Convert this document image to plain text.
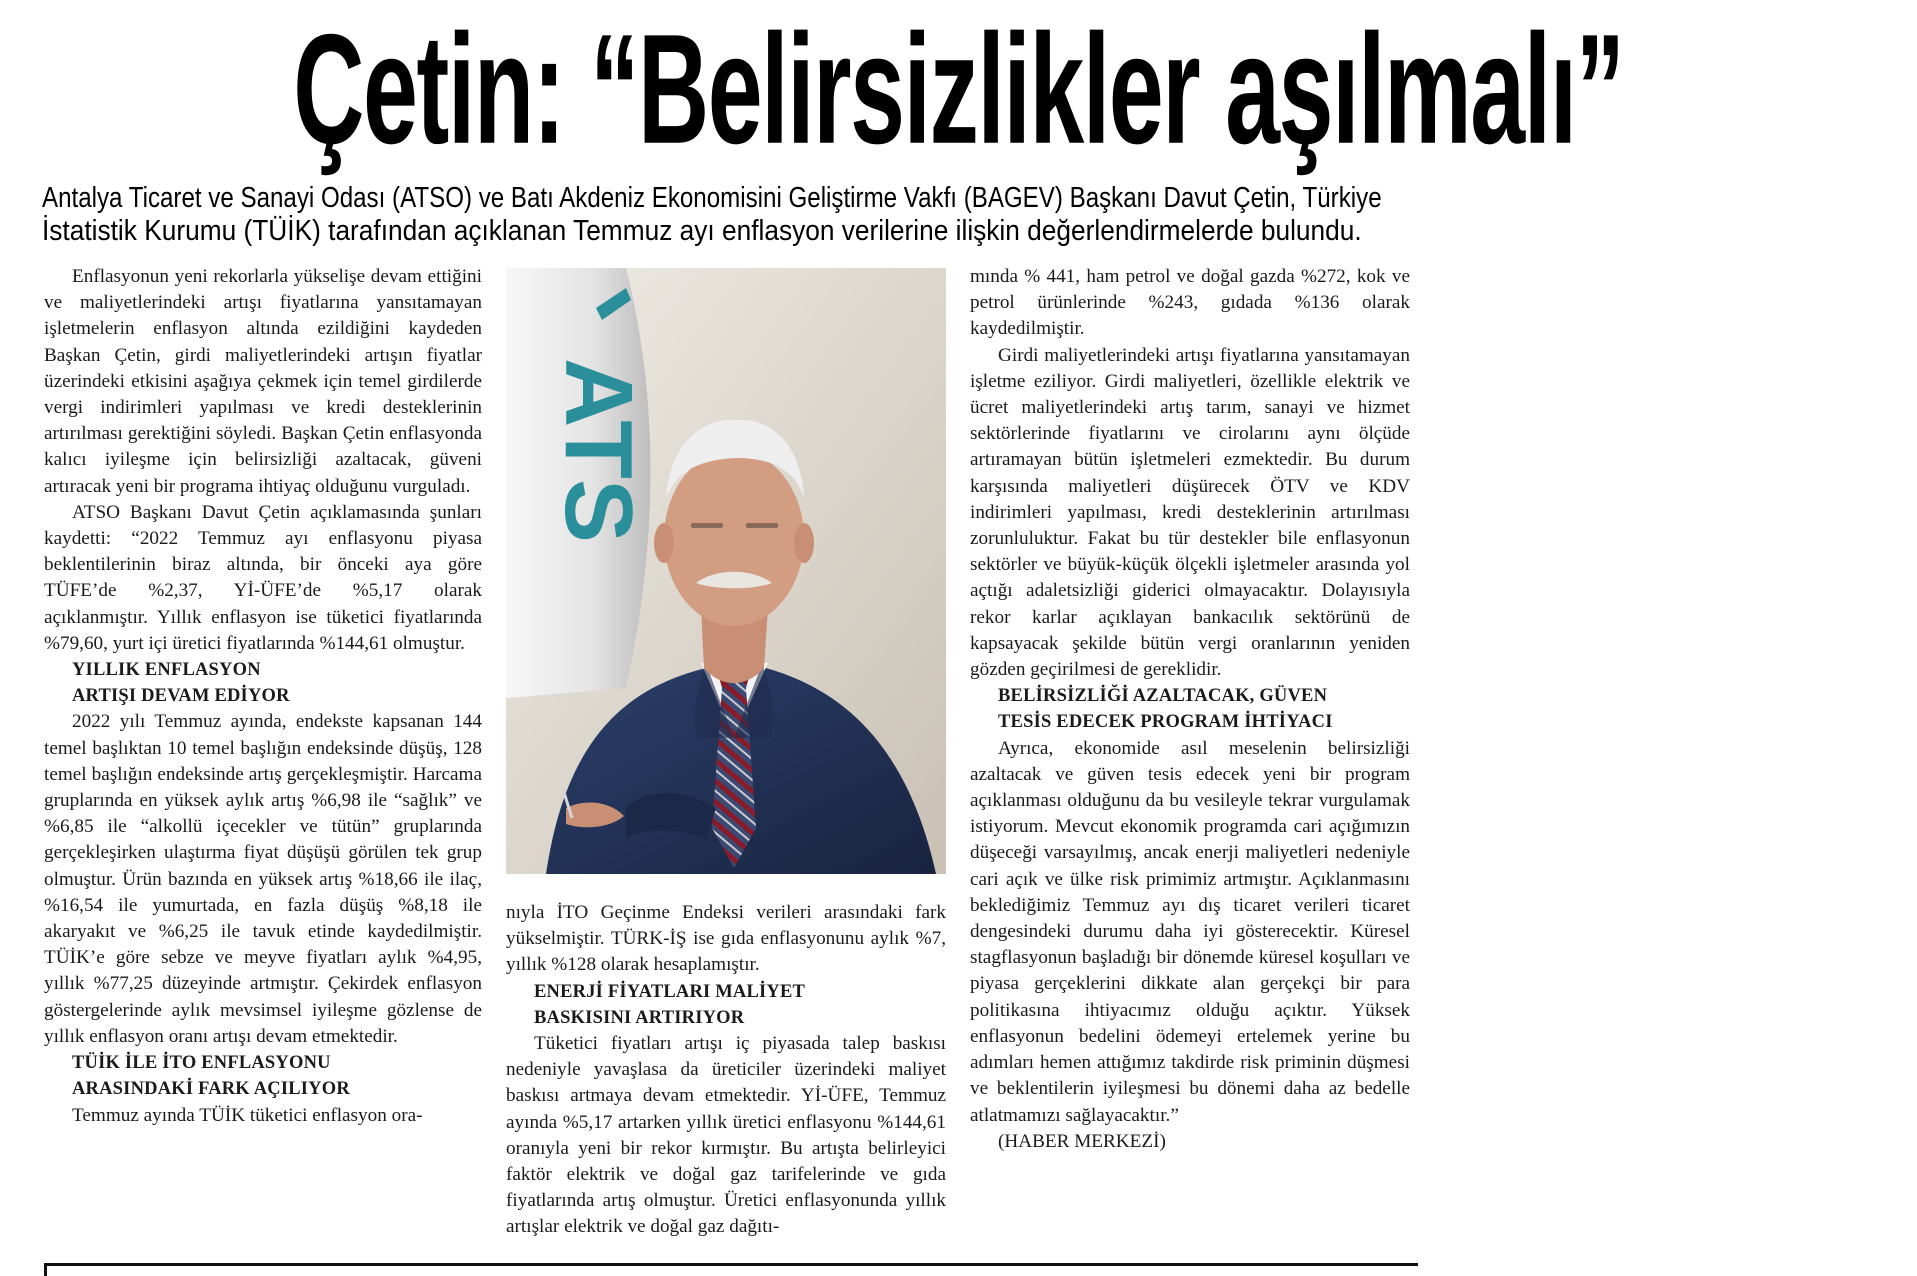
Çetin: “Belirsizlikler aşılmalı”
Antalya Ticaret ve Sanayi Odası (ATSO) ve Batı Akdeniz Ekonomisini Geliştirme Vakfı (BAGEV) Başkanı Davut Çetin, Türkiye
İstatistik Kurumu (TÜİK) tarafından açıklanan Temmuz ayı enflasyon verilerine ilişkin değerlendirmelerde bulundu.

Enflasyonun yeni rekorlarla yükselişe devam ettiğini ve maliyetlerindeki artışı fiyatlarına yansıtamayan işletmelerin enflasyon altında ezildiğini kaydeden Başkan Çetin, girdi maliyetlerindeki artışın fiyatlar üzerindeki etkisini aşağıya çekmek için temel girdilerde vergi indirimleri yapılması ve kredi desteklerinin artırılması gerektiğini söyledi. Başkan Çetin enflasyonda kalıcı iyileşme için belirsizliği azaltacak, güveni artıracak yeni bir programa ihtiyaç olduğunu vurguladı.

ATSO Başkanı Davut Çetin açıklamasında şunları kaydetti: “2022 Temmuz ayı enflasyonu piyasa beklentilerinin biraz altında, bir önceki aya göre TÜFE’de %2,37, Yİ-ÜFE’de %5,17 olarak açıklanmıştır. Yıllık enflasyon ise tüketici fiyatlarında %79,60, yurt içi üretici fiyatlarında %144,61 olmuştur.

YILLIK ENFLASYON
ARTIŞI DEVAM EDİYOR

2022 yılı Temmuz ayında, endekste kapsanan 144 temel başlıktan 10 temel başlığın endeksinde düşüş, 128 temel başlığın endeksinde artış gerçekleşmiştir. Harcama gruplarında en yüksek aylık artış %6,98 ile “sağlık” ve %6,85 ile “alkollü içecekler ve tütün” gruplarında gerçekleşirken ulaştırma fiyat düşüşü görülen tek grup olmuştur. Ürün bazında en yüksek artış %18,66 ile ilaç, %16,54 ile yumurtada, en fazla düşüş %8,18 ile akaryakıt ve %6,25 ile tavuk etinde kaydedilmiştir. TÜİK’e göre sebze ve meyve fiyatları aylık %4,95, yıllık %77,25 düzeyinde artmıştır. Çekirdek enflasyon göstergelerinde aylık mevsimsel iyileşme gözlense de yıllık enflasyon oranı artışı devam etmektedir.

TÜİK İLE İTO ENFLASYONU
ARASINDAKİ FARK AÇILIYOR

Temmuz ayında TÜİK tüketici enflasyon ora-

ATS

nıyla İTO Geçinme Endeksi verileri arasındaki fark yükselmiştir. TÜRK-İŞ ise gıda enflasyonunu aylık %7, yıllık %128 olarak hesaplamıştır.

ENERJİ FİYATLARI MALİYET
BASKISINI ARTIRIYOR

Tüketici fiyatları artışı iç piyasada talep baskısı nedeniyle yavaşlasa da üreticiler üzerindeki maliyet baskısı artmaya devam etmektedir. Yİ-ÜFE, Temmuz ayında %5,17 artarken yıllık üretici enflasyonu %144,61 oranıyla yeni bir rekor kırmıştır. Bu artışta belirleyici faktör elektrik ve doğal gaz tarifelerinde ve gıda fiyatlarında artış olmuştur. Üretici enflasyonunda yıllık artışlar elektrik ve doğal gaz dağıtı-

mında % 441, ham petrol ve doğal gazda %272, kok ve petrol ürünlerinde %243, gıdada %136 olarak kaydedilmiştir.

Girdi maliyetlerindeki artışı fiyatlarına yansıtamayan işletme eziliyor. Girdi maliyetleri, özellikle elektrik ve ücret maliyetlerindeki artış tarım, sanayi ve hizmet sektörlerinde fiyatlarını ve cirolarını aynı ölçüde artıramayan bütün işletmeleri ezmektedir. Bu durum karşısında maliyetleri düşürecek ÖTV ve KDV indirimleri yapılması, kredi desteklerinin artırılması zorunluluktur. Fakat bu tür destekler bile enflasyonun sektörler ve büyük-küçük ölçekli işletmeler arasında yol açtığı adaletsizliği giderici olmayacaktır. Dolayısıyla rekor karlar açıklayan bankacılık sektörünü de kapsayacak şekilde bütün vergi oranlarının yeniden gözden geçirilmesi de gereklidir.

BELİRSİZLİĞİ AZALTACAK, GÜVEN
TESİS EDECEK PROGRAM İHTİYACI

Ayrıca, ekonomide asıl meselenin belirsizliği azaltacak ve güven tesis edecek yeni bir program açıklanması olduğunu da bu vesileyle tekrar vurgulamak istiyorum. Mevcut ekonomik programda cari açığımızın düşeceği varsayılmış, ancak enerji maliyetleri nedeniyle cari açık ve ülke risk primimiz artmıştır. Açıklanmasını beklediğimiz Temmuz ayı dış ticaret verileri ticaret dengesindeki durumu daha iyi gösterecektir. Küresel stagflasyonun başladığı bir dönemde küresel koşulları ve piyasa gerçeklerini dikkate alan gerçekçi bir para politikasına ihtiyacımız olduğu açıktır. Yüksek enflasyonun bedelini ödemeyi ertelemek yerine bu adımları hemen attığımız takdirde risk priminin düşmesi ve beklentilerin iyileşmesi bu dönemi daha az bedelle atlatmamızı sağlayacaktır.”

(HABER MERKEZİ)
